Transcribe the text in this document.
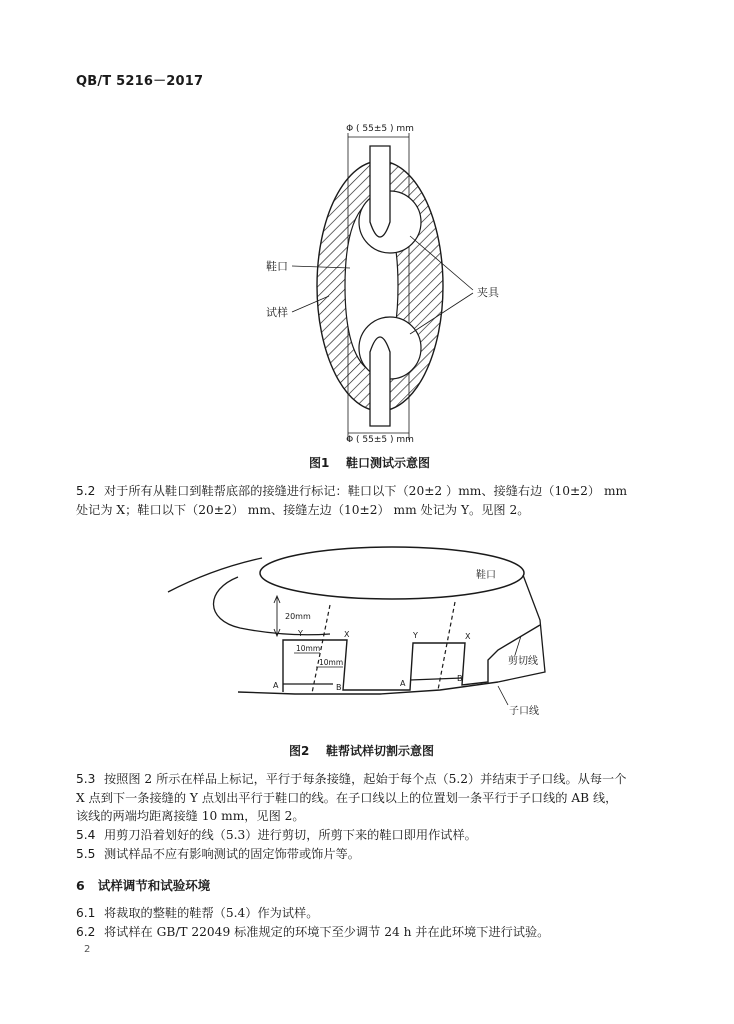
QB/T 5216－2017
Φ ( 55±5 ) mm
Φ ( 55±5 ) mm
鞋口
试样
夹具
图1    鞋口测试示意图
5.2 对于所有从鞋口到鞋帮底部的接缝进行标记：鞋口以下（20±2 ）mm、接缝右边（10±2） mm
处记为 X；鞋口以下（20±2） mm、接缝左边（10±2） mm 处记为 Y。见图 2。
20mm
10mm
10mm
Y	X	Y	X
A	B	A
B
鞋口
剪切线
子口线
图2    鞋帮试样切割示意图
5.3 按照图 2 所示在样品上标记，平行于每条接缝，起始于每个点（5.2）并结束于子口线。从每一个
X 点到下一条接缝的 Y 点划出平行于鞋口的线。在子口线以上的位置划一条平行于子口线的 AB 线，
该线的两端均距离接缝 10 mm，见图 2。
5.4 用剪刀沿着划好的线（5.3）进行剪切，所剪下来的鞋口即用作试样。
5.5 测试样品不应有影响测试的固定饰带或饰片等。
6   试样调节和试验环境
6.1 将裁取的整鞋的鞋帮（5.4）作为试样。
6.2 将试样在 GB/T 22049 标准规定的环境下至少调节 24 h 并在此环境下进行试验。
2
